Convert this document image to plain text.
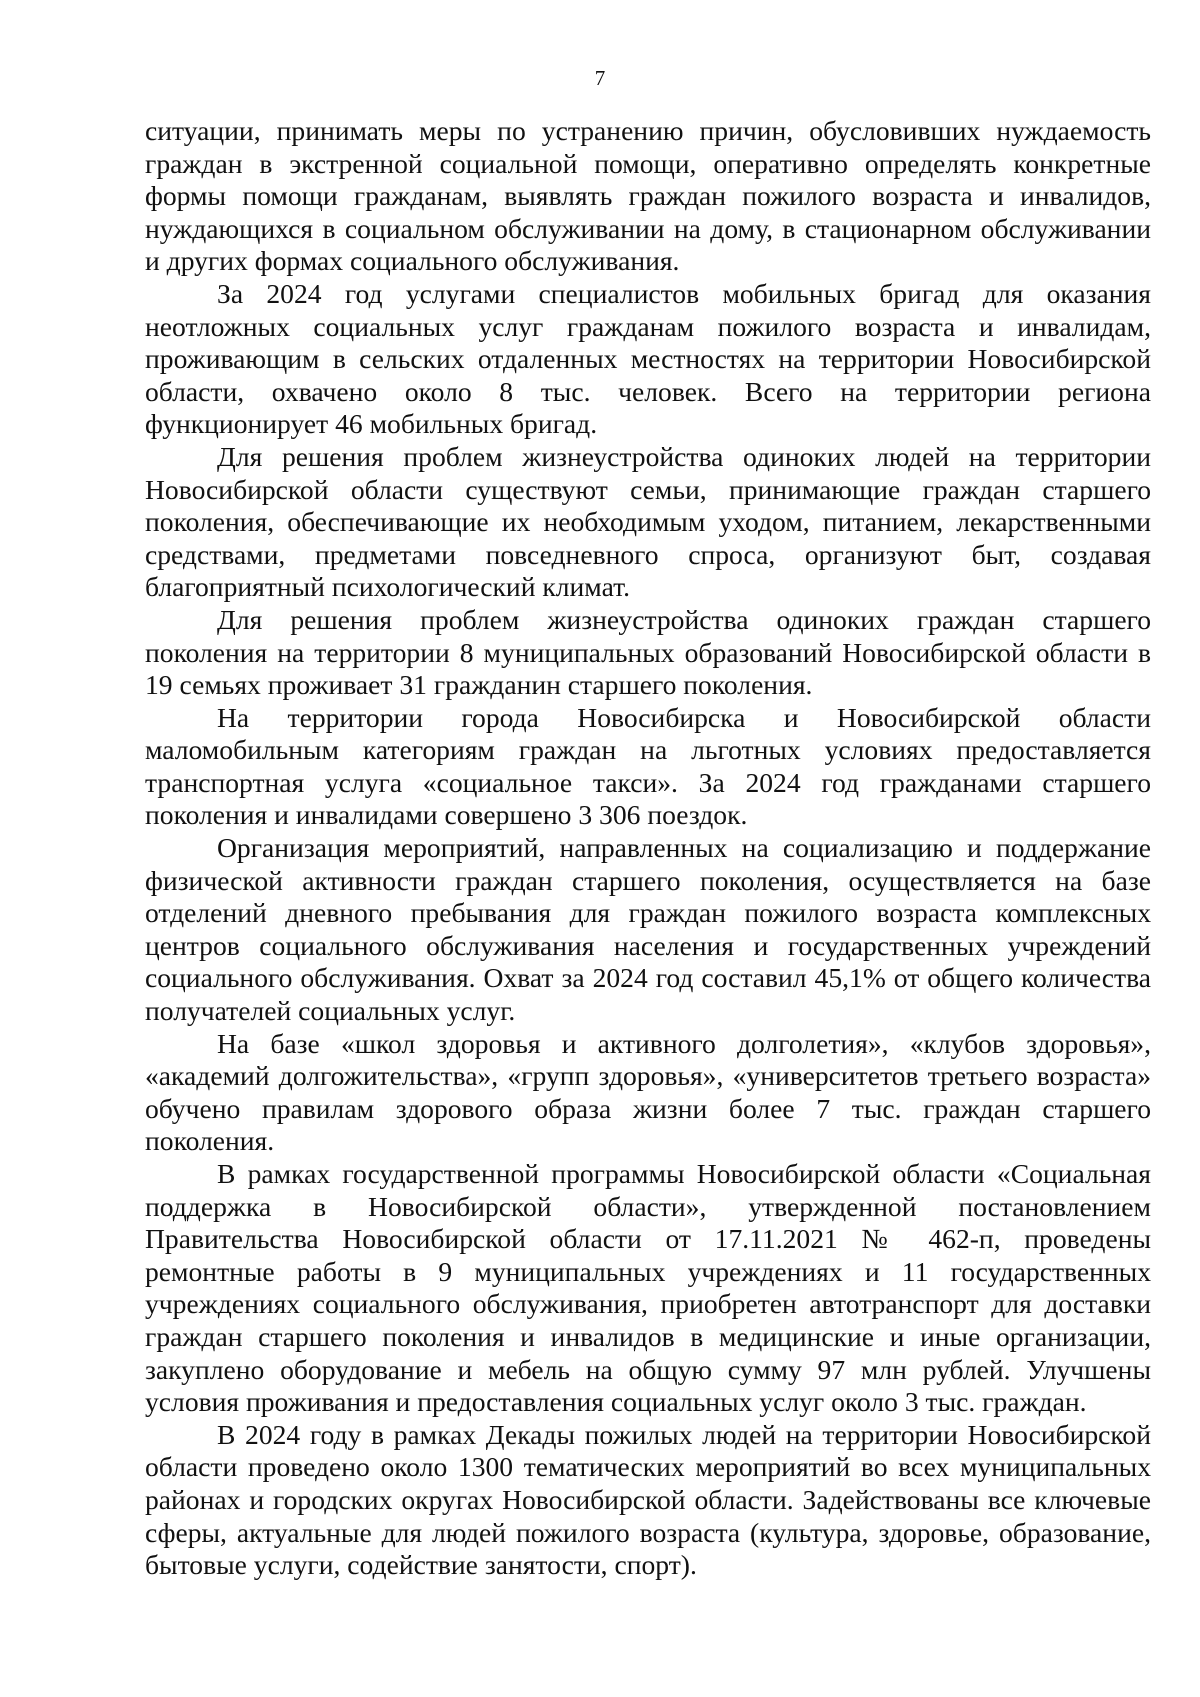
7

ситуации, принимать меры по устранению причин, обусловивших нуждаемость граждан в экстренной социальной помощи, оперативно определять конкретные формы помощи гражданам, выявлять граждан пожилого возраста и инвалидов, нуждающихся в социальном обслуживании на дому, в стационарном обслуживании и других формах социального обслуживания.

За 2024 год услугами специалистов мобильных бригад для оказания неотложных социальных услуг гражданам пожилого возраста и инвалидам, проживающим в сельских отдаленных местностях на территории Новосибирской области, охвачено около 8 тыс. человек. Всего на территории региона функционирует 46 мобильных бригад.

Для решения проблем жизнеустройства одиноких людей на территории Новосибирской области существуют семьи, принимающие граждан старшего поколения, обеспечивающие их необходимым уходом, питанием, лекарственными средствами, предметами повседневного спроса, организуют быт, создавая благоприятный психологический климат.

Для решения проблем жизнеустройства одиноких граждан старшего поколения на территории 8 муниципальных образований Новосибирской области в 19 семьях проживает 31 гражданин старшего поколения.

На территории города Новосибирска и Новосибирской области маломобильным категориям граждан на льготных условиях предоставляется транспортная услуга «социальное такси». За 2024 год гражданами старшего поколения и инвалидами совершено 3 306 поездок.

Организация мероприятий, направленных на социализацию и поддержание физической активности граждан старшего поколения, осуществляется на базе отделений дневного пребывания для граждан пожилого возраста комплексных центров социального обслуживания населения и государственных учреждений социального обслуживания. Охват за 2024 год составил 45,1% от общего количества получателей социальных услуг.

На базе «школ здоровья и активного долголетия», «клубов здоровья», «академий долгожительства», «групп здоровья», «университетов третьего возраста» обучено правилам здорового образа жизни более 7 тыс. граждан старшего поколения.

В рамках государственной программы Новосибирской области «Социальная поддержка в Новосибирской области», утвержденной постановлением Правительства Новосибирской области от 17.11.2021 № 462-п, проведены ремонтные работы в 9 муниципальных учреждениях и 11 государственных учреждениях социального обслуживания, приобретен автотранспорт для доставки граждан старшего поколения и инвалидов в медицинские и иные организации, закуплено оборудование и мебель на общую сумму 97 млн рублей. Улучшены условия проживания и предоставления социальных услуг около 3 тыс. граждан.

В 2024 году в рамках Декады пожилых людей на территории Новосибирской области проведено около 1300 тематических мероприятий во всех муниципальных районах и городских округах Новосибирской области. Задействованы все ключевые сферы, актуальные для людей пожилого возраста (культура, здоровье, образование, бытовые услуги, содействие занятости, спорт).
